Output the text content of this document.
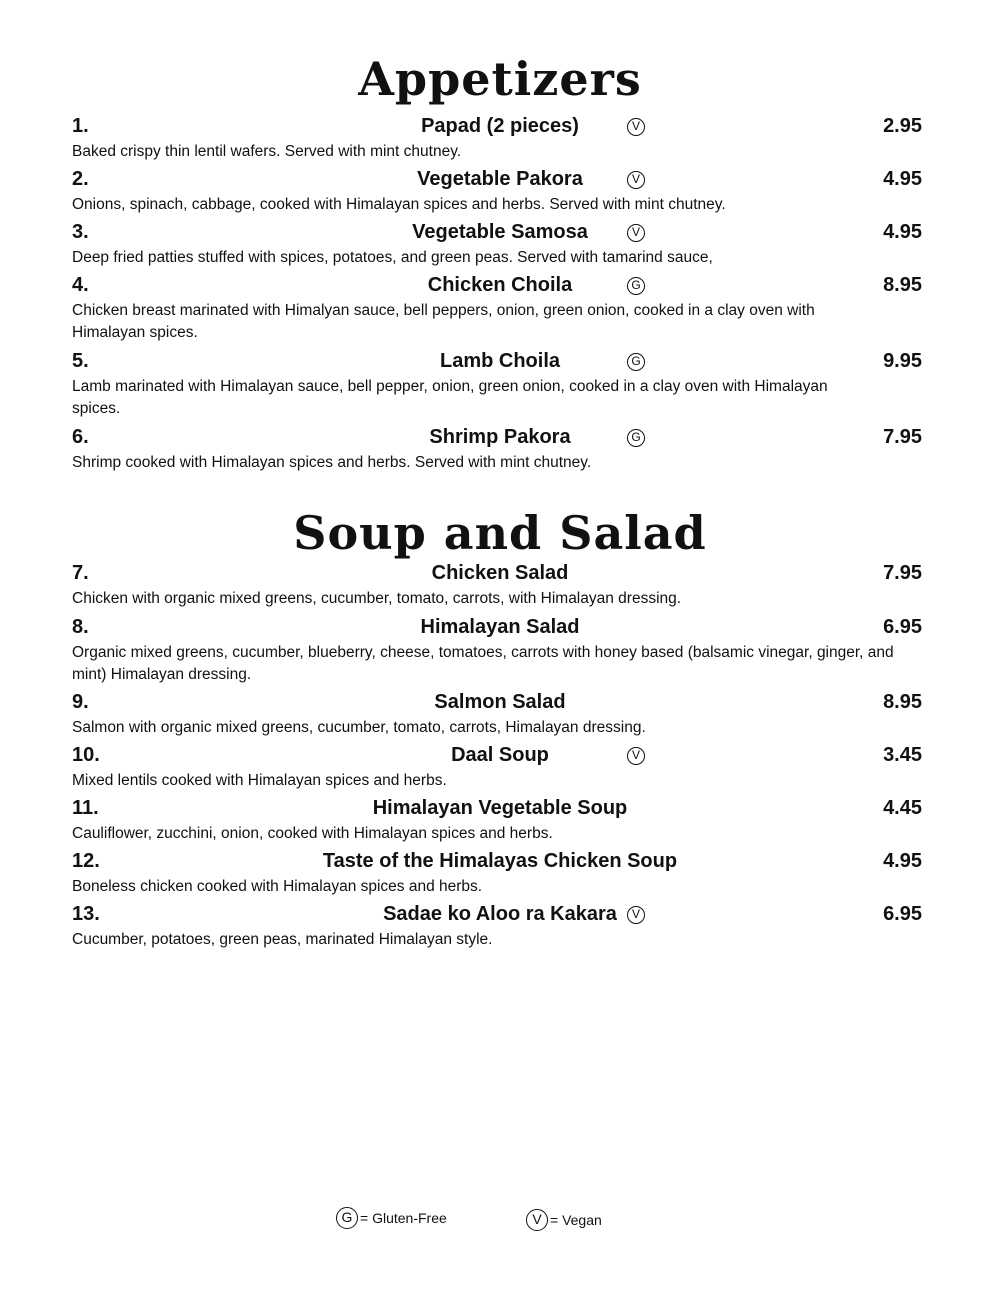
Appetizers
Soup and Salad
1.	Papad (2 pieces)	V	2.95
Baked crispy thin lentil wafers. Served with mint chutney.
2.	Vegetable Pakora	V	4.95
Onions, spinach, cabbage, cooked with Himalayan spices and herbs. Served with mint chutney.
3.	Vegetable Samosa	V	4.95
Deep fried patties stuffed with spices, potatoes, and green peas. Served with tamarind sauce,
4.	Chicken Choila	G	8.95
Chicken breast marinated with Himalyan sauce, bell peppers, onion, green onion, cooked in a clay oven with Himalayan spices.
5.	Lamb Choila	G	9.95
Lamb marinated with Himalayan sauce, bell pepper, onion, green onion, cooked in a clay oven with Himalayan spices.
6.	Shrimp Pakora	G	7.95
Shrimp cooked with Himalayan spices and herbs. Served with mint chutney.
7.	Chicken Salad	7.95
Chicken with organic mixed greens, cucumber, tomato, carrots, with Himalayan dressing.
8.	Himalayan Salad	6.95
Organic mixed greens, cucumber, blueberry, cheese, tomatoes, carrots with honey based (balsamic vinegar, ginger, and mint) Himalayan dressing.
9.	Salmon Salad	8.95
Salmon with organic mixed greens, cucumber, tomato, carrots, Himalayan dressing.
10.	Daal Soup	V	3.45
Mixed lentils cooked with Himalayan spices and herbs.
11.	Himalayan Vegetable Soup	4.45
Cauliflower, zucchini, onion, cooked with Himalayan spices and herbs.
12.	Taste of the Himalayas Chicken Soup	4.95
Boneless chicken cooked with Himalayan spices and herbs.
13.	Sadae ko Aloo ra Kakara	V	6.95
Cucumber, potatoes, green peas, marinated Himalayan style.
G = Gluten-Free	V = Vegan
